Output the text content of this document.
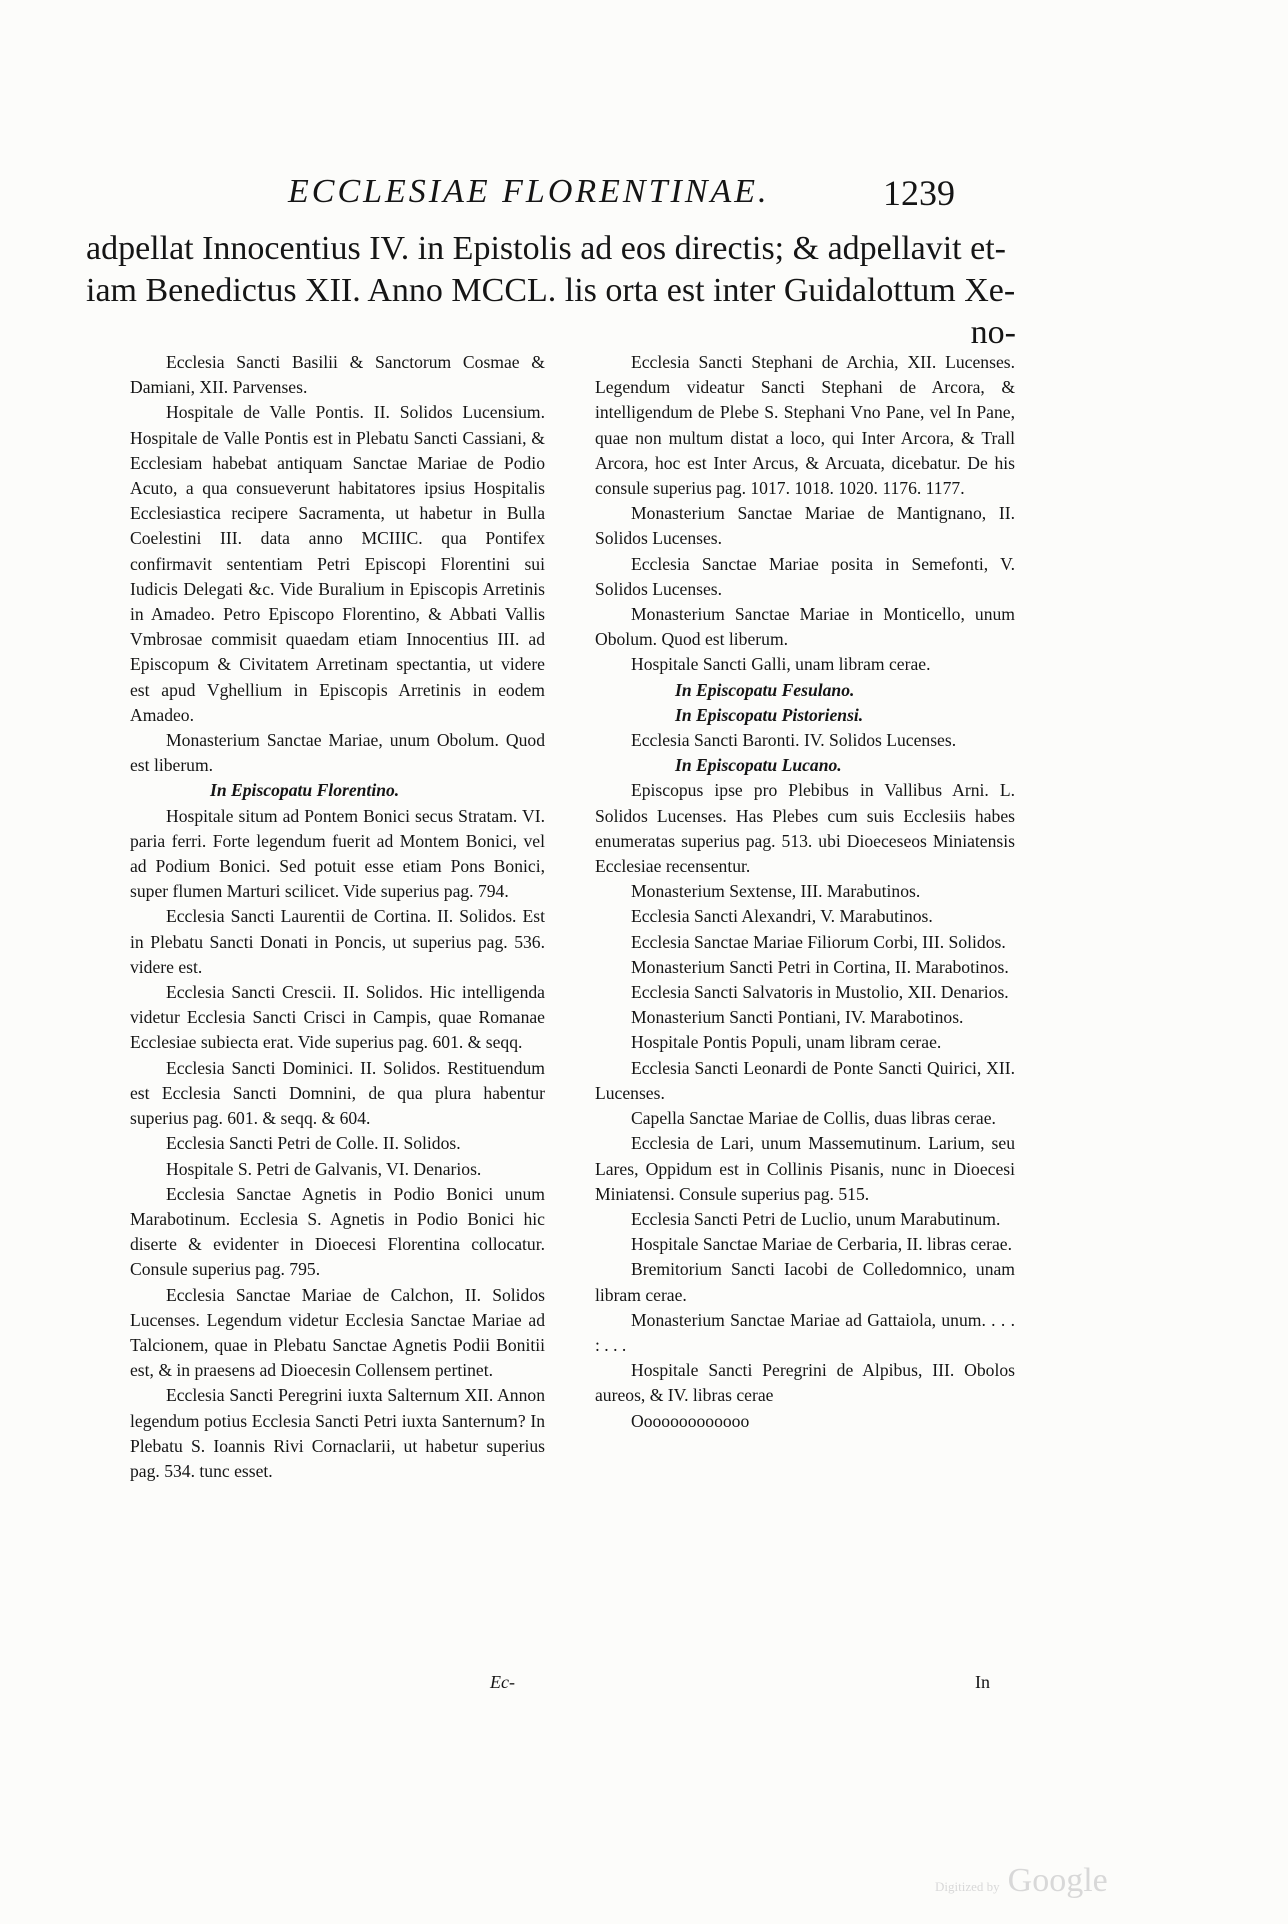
ECCLESIAE FLORENTINAE.	1239
adpellat Innocentius IV. in Epistolis ad eos directis; & adpellavit et-
iam Benedictus XII. Anno MCCL. lis orta est inter Guidalottum Xe-
no-

Ecclesia Sancti Basilii & Sanctorum Cosmae & Damiani, XII. Parvenses.

Hospitale de Valle Pontis. II. Solidos Lucensium. Hospitale de Valle Pontis est in Plebatu Sancti Cassiani, & Ecclesiam habebat antiquam Sanctae Mariae de Podio Acuto, a qua consueverunt habitatores ipsius Hospitalis Ecclesiastica recipere Sacramenta, ut habetur in Bulla Coelestini III. data anno MCIIIC. qua Pontifex confirmavit sententiam Petri Episcopi Florentini sui Iudicis Delegati &c. Vide Buralium in Episcopis Arretinis in Amadeo. Petro Episcopo Florentino, & Abbati Vallis Vmbrosae commisit quaedam etiam Innocentius III. ad Episcopum & Civitatem Arretinam spectantia, ut videre est apud Vghellium in Episcopis Arretinis in eodem Amadeo.

Monasterium Sanctae Mariae, unum Obolum. Quod est liberum.

In Episcopatu Florentino.

Hospitale situm ad Pontem Bonici secus Stratam. VI. paria ferri. Forte legendum fuerit ad Montem Bonici, vel ad Podium Bonici. Sed potuit esse etiam Pons Bonici, super flumen Marturi scilicet. Vide superius pag. 794.

Ecclesia Sancti Laurentii de Cortina. II. Solidos. Est in Plebatu Sancti Donati in Poncis, ut superius pag. 536. videre est.

Ecclesia Sancti Crescii. II. Solidos. Hic intelligenda videtur Ecclesia Sancti Crisci in Campis, quae Romanae Ecclesiae subiecta erat. Vide superius pag. 601. & seqq.

Ecclesia Sancti Dominici. II. Solidos. Restituendum est Ecclesia Sancti Domnini, de qua plura habentur superius pag. 601. & seqq. & 604.

Ecclesia Sancti Petri de Colle. II. Solidos.

Hospitale S. Petri de Galvanis, VI. Denarios.

Ecclesia Sanctae Agnetis in Podio Bonici unum Marabotinum. Ecclesia S. Agnetis in Podio Bonici hic diserte & evidenter in Dioecesi Florentina collocatur. Consule superius pag. 795.

Ecclesia Sanctae Mariae de Calchon, II. Solidos Lucenses. Legendum videtur Ecclesia Sanctae Mariae ad Talcionem, quae in Plebatu Sanctae Agnetis Podii Bonitii est, & in praesens ad Dioecesin Collensem pertinet.

Ecclesia Sancti Peregrini iuxta Salternum XII. Annon legendum potius Ecclesia Sancti Petri iuxta Santernum? In Plebatu S. Ioannis Rivi Cornaclarii, ut habetur superius pag. 534. tunc esset.

Ecclesia Sancti Stephani de Archia, XII. Lucenses. Legendum videatur Sancti Stephani de Arcora, & intelligendum de Plebe S. Stephani Vno Pane, vel In Pane, quae non multum distat a loco, qui Inter Arcora, & Trall Arcora, hoc est Inter Arcus, & Arcuata, dicebatur. De his consule superius pag. 1017. 1018. 1020. 1176. 1177.

Monasterium Sanctae Mariae de Mantignano, II. Solidos Lucenses.

Ecclesia Sanctae Mariae posita in Semefonti, V. Solidos Lucenses.

Monasterium Sanctae Mariae in Monticello, unum Obolum. Quod est liberum.

Hospitale Sancti Galli, unam libram cerae.

In Episcopatu Fesulano.

In Episcopatu Pistoriensi.

Ecclesia Sancti Baronti. IV. Solidos Lucenses.

In Episcopatu Lucano.

Episcopus ipse pro Plebibus in Vallibus Arni. L. Solidos Lucenses. Has Plebes cum suis Ecclesiis habes enumeratas superius pag. 513. ubi Dioeceseos Miniatensis Ecclesiae recensentur.

Monasterium Sextense, III. Marabutinos.

Ecclesia Sancti Alexandri, V. Marabutinos.

Ecclesia Sanctae Mariae Filiorum Corbi, III. Solidos.

Monasterium Sancti Petri in Cortina, II. Marabotinos.

Ecclesia Sancti Salvatoris in Mustolio, XII. Denarios.

Monasterium Sancti Pontiani, IV. Marabotinos.

Hospitale Pontis Populi, unam libram cerae.

Ecclesia Sancti Leonardi de Ponte Sancti Quirici, XII. Lucenses.

Capella Sanctae Mariae de Collis, duas libras cerae.

Ecclesia de Lari, unum Massemutinum. Larium, seu Lares, Oppidum est in Collinis Pisanis, nunc in Dioecesi Miniatensi. Consule superius pag. 515.

Ecclesia Sancti Petri de Luclio, unum Marabutinum.

Hospitale Sanctae Mariae de Cerbaria, II. libras cerae.

Bremitorium Sancti Iacobi de Colledomnico, unam libram cerae.

Monasterium Sanctae Mariae ad Gattaiola, unum. . . . : . . .

Hospitale Sancti Peregrini de Alpibus, III. Obolos aureos, & IV. libras cerae

Ooooooooooooo

Ec-	In
Digitized by Google
